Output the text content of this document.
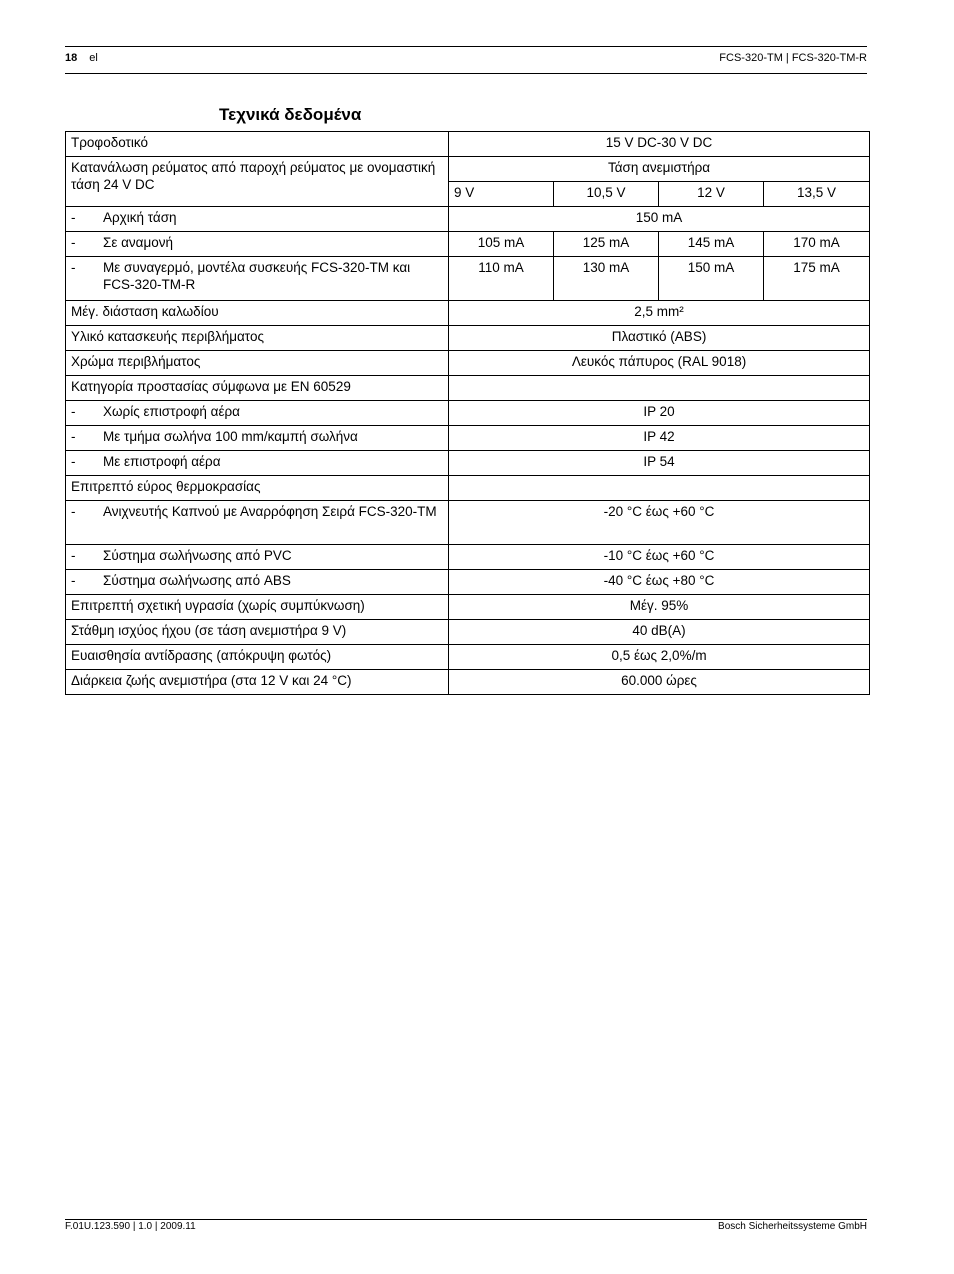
18 el	FCS-320-TM | FCS-320-TM-R
Τεχνικά δεδομένα
Τροφοδοτικό	15 V DC-30 V DC			
Κατανάλωση ρεύματος από παροχή ρεύματος με ονομαστική τάση 24 V DC	Τάση ανεμιστήρα			
	9 V	10,5 V	12 V	13,5 V

- Αρχική τάση	150 mA			

- Σε αναμονή	105 mA	125 mA	145 mA	170 mA

- Με συναγερμό, μοντέλα συσκευής FCS-320-TM και FCS-320-TM-R	110 mA	130 mA	150 mA	175 mA
Μέγ. διάσταση καλωδίου	2,5 mm²			
Υλικό κατασκευής περιβλήματος	Πλαστικό (ABS)			
Χρώμα περιβλήματος	Λευκός πάπυρος (RAL 9018)			
Κατηγορία προστασίας σύμφωνα με EN 60529				

- Χωρίς επιστροφή αέρα	IP 20			

- Με τμήμα σωλήνα 100 mm/καμπή σωλήνα	IP 42			

- Με επιστροφή αέρα	IP 54			
Επιτρεπτό εύρος θερμοκρασίας				

- Ανιχνευτής Καπνού με Αναρρόφηση Σειρά FCS-320-TM	-20 °C έως +60 °C			

- Σύστημα σωλήνωσης από PVC	-10 °C έως +60 °C			

- Σύστημα σωλήνωσης από ABS	-40 °C έως +80 °C			
Επιτρεπτή σχετική υγρασία (χωρίς συμπύκνωση)	Μέγ. 95%			
Στάθμη ισχύος ήχου (σε τάση ανεμιστήρα 9 V)	40 dB(A)			
Ευαισθησία αντίδρασης (απόκρυψη φωτός)	0,5 έως 2,0%/m			
Διάρκεια ζωής ανεμιστήρα (στα 12 V και 24 °C)	60.000 ώρες			
F.01U.123.590 | 1.0 | 2009.11	Bosch Sicherheitssysteme GmbH
